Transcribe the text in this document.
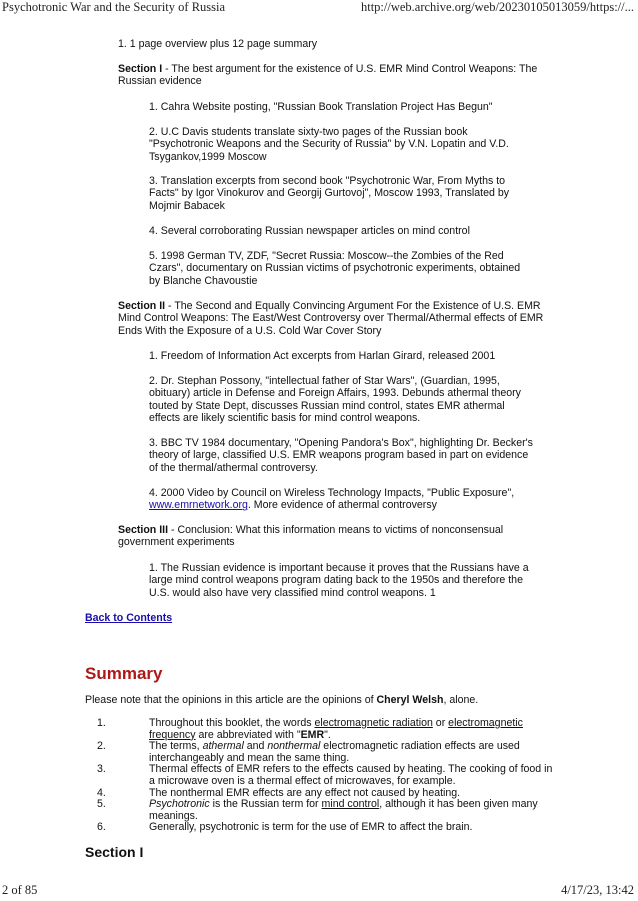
Psychotronic War and the Security of Russia	http://web.archive.org/web/20230105013059/https://...

1. 1 page overview plus 12 page summary

Section I - The best argument for the existence of U.S. EMR Mind Control Weapons: The Russian evidence

1. Cahra Website posting, "Russian Book Translation Project Has Begun"

2. U.C Davis students translate sixty-two pages of the Russian book "Psychotronic Weapons and the Security of Russia" by V.N. Lopatin and V.D. Tsygankov,1999 Moscow

3. Translation excerpts from second book "Psychotronic War, From Myths to Facts" by Igor Vinokurov and Georgij Gurtovoj", Moscow 1993, Translated by Mojmir Babacek

4. Several corroborating Russian newspaper articles on mind control

5. 1998 German TV, ZDF, "Secret Russia: Moscow--the Zombies of the Red Czars", documentary on Russian victims of psychotronic experiments, obtained by Blanche Chavoustie

Section II - The Second and Equally Convincing Argument For the Existence of U.S. EMR Mind Control Weapons: The East/West Controversy over Thermal/Athermal effects of EMR Ends With the Exposure of a U.S. Cold War Cover Story

1. Freedom of Information Act excerpts from Harlan Girard, released 2001

2. Dr. Stephan Possony, "intellectual father of Star Wars", (Guardian, 1995, obituary) article in Defense and Foreign Affairs, 1993. Debunds athermal theory touted by State Dept, discusses Russian mind control, states EMR athermal effects are likely scientific basis for mind control weapons.

3. BBC TV 1984 documentary, "Opening Pandora's Box", highlighting Dr. Becker's theory of large, classified U.S. EMR weapons program based in part on evidence of the thermal/athermal controversy.

4. 2000 Video by Council on Wireless Technology Impacts, "Public Exposure", www.emrnetwork.org. More evidence of athermal controversy

Section III - Conclusion: What this information means to victims of nonconsensual government experiments

1. The Russian evidence is important because it proves that the Russians have a large mind control weapons program dating back to the 1950s and therefore the U.S. would also have very classified mind control weapons. 1

Back to Contents
Summary

Please note that the opinions in this article are the opinions of Cheryl Welsh, alone.

1.	Throughout this booklet, the words electromagnetic radiation or electromagnetic frequency are abbreviated with "EMR".
2.	The terms, athermal and nonthermal electromagnetic radiation effects are used interchangeably and mean the same thing.
3.	Thermal effects of EMR refers to the effects caused by heating. The cooking of food in a microwave oven is a thermal effect of microwaves, for example.
4.	The nonthermal EMR effects are any effect not caused by heating.
5.	Psychotronic is the Russian term for mind control, although it has been given many meanings.
6.	Generally, psychotronic is term for the use of EMR to affect the brain.
Section I
2 of 85	4/17/23, 13:42
